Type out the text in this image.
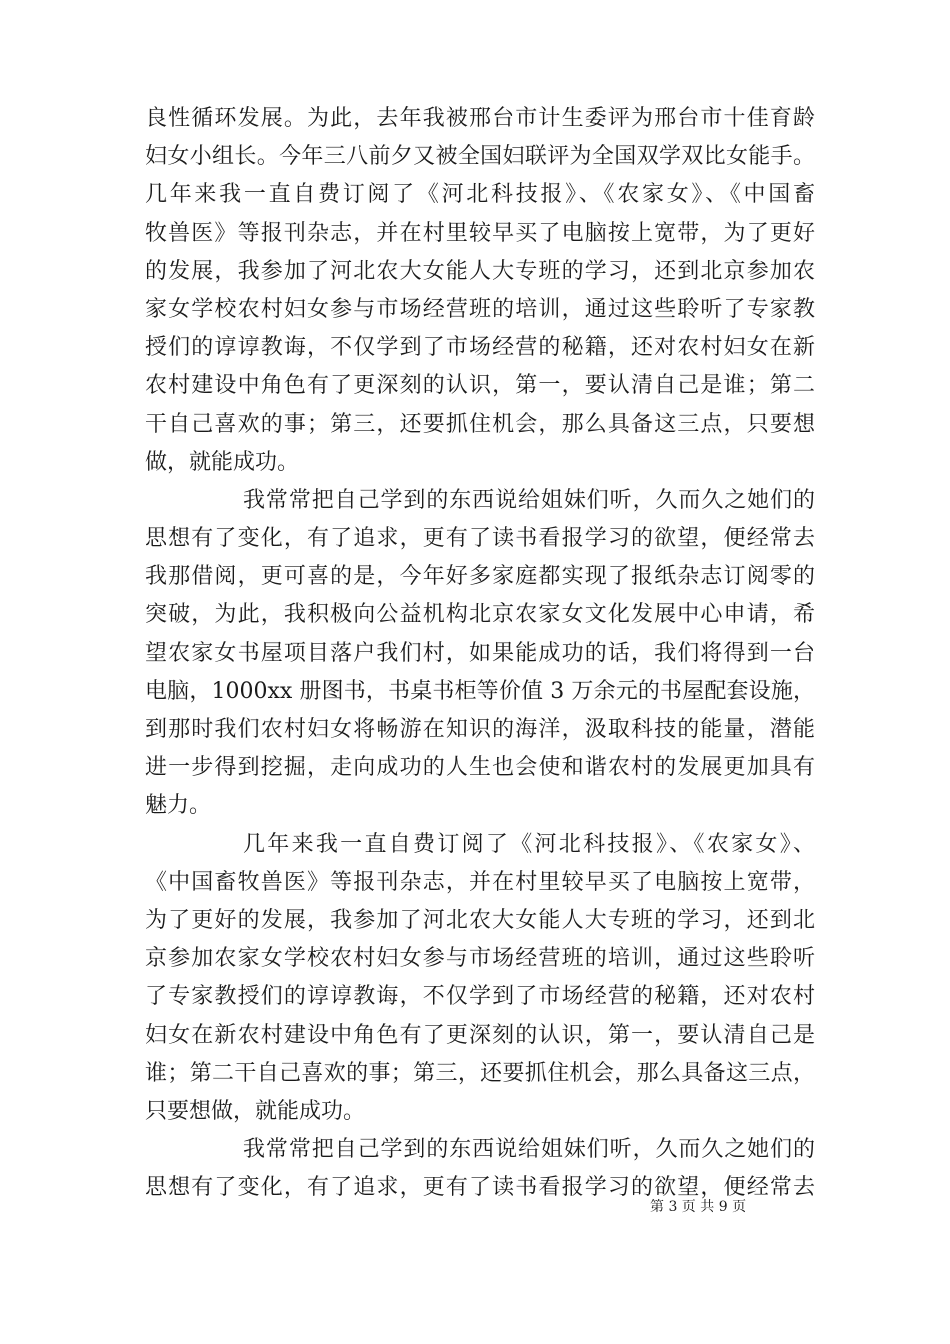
良性循环发展。为此，去年我被邢台市计生委评为邢台市十佳育龄
妇女小组长。今年三八前夕又被全国妇联评为全国双学双比女能手。
几年来我一直自费订阅了《河北科技报》、《农家女》、《中国畜
牧兽医》等报刊杂志，并在村里较早买了电脑按上宽带，为了更好
的发展，我参加了河北农大女能人大专班的学习，还到北京参加农
家女学校农村妇女参与市场经营班的培训，通过这些聆听了专家教
授们的谆谆教诲，不仅学到了市场经营的秘籍，还对农村妇女在新
农村建设中角色有了更深刻的认识，第一，要认清自己是谁；第二
干自己喜欢的事；第三，还要抓住机会，那么具备这三点，只要想
做，就能成功。
我常常把自己学到的东西说给姐妹们听，久而久之她们的
思想有了变化，有了追求，更有了读书看报学习的欲望，便经常去
我那借阅，更可喜的是，今年好多家庭都实现了报纸杂志订阅零的
突破，为此，我积极向公益机构北京农家女文化发展中心申请，希
望农家女书屋项目落户我们村，如果能成功的话，我们将得到一台
电脑，1000xx 册图书，书桌书柜等价值 3 万余元的书屋配套设施，
到那时我们农村妇女将畅游在知识的海洋，汲取科技的能量，潜能
进一步得到挖掘，走向成功的人生也会使和谐农村的发展更加具有
魅力。
几年来我一直自费订阅了《河北科技报》、《农家女》、
《中国畜牧兽医》等报刊杂志，并在村里较早买了电脑按上宽带，
为了更好的发展，我参加了河北农大女能人大专班的学习，还到北
京参加农家女学校农村妇女参与市场经营班的培训，通过这些聆听
了专家教授们的谆谆教诲，不仅学到了市场经营的秘籍，还对农村
妇女在新农村建设中角色有了更深刻的认识，第一，要认清自己是
谁；第二干自己喜欢的事；第三，还要抓住机会，那么具备这三点，
只要想做，就能成功。
我常常把自己学到的东西说给姐妹们听，久而久之她们的
思想有了变化，有了追求，更有了读书看报学习的欲望，便经常去
第 3 页 共 9 页
